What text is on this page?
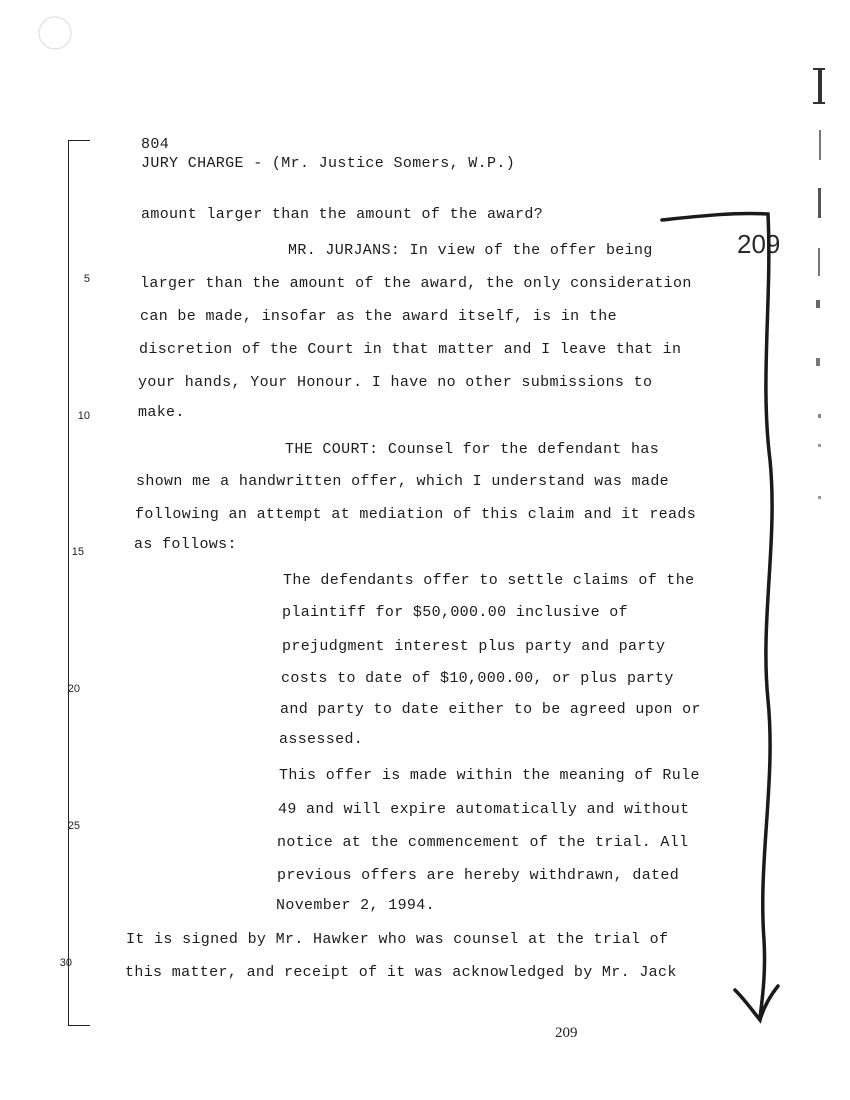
804
JURY CHARGE - (Mr. Justice Somers, W.P.)
5
10
15
20
25
30
amount larger than the amount of the award?
MR. JURJANS: In view of the offer being
larger than the amount of the award, the only consideration
can be made, insofar as the award itself, is in the
discretion of the Court in that matter and I leave that in
your hands, Your Honour. I have no other submissions to
make.
THE COURT: Counsel for the defendant has
shown me a handwritten offer, which I understand was made
following an attempt at mediation of this claim and it reads
as follows:
The defendants offer to settle claims of the
plaintiff for $50,000.00 inclusive of
prejudgment interest plus party and party
costs to date of $10,000.00, or plus party
and party to date either to be agreed upon or
assessed.
This offer is made within the meaning of Rule
49 and will expire automatically and without
notice at the commencement of the trial. All
previous offers are hereby withdrawn, dated
November 2, 1994.
It is signed by Mr. Hawker who was counsel at the trial of
this matter, and receipt of it was acknowledged by Mr. Jack
209
209
